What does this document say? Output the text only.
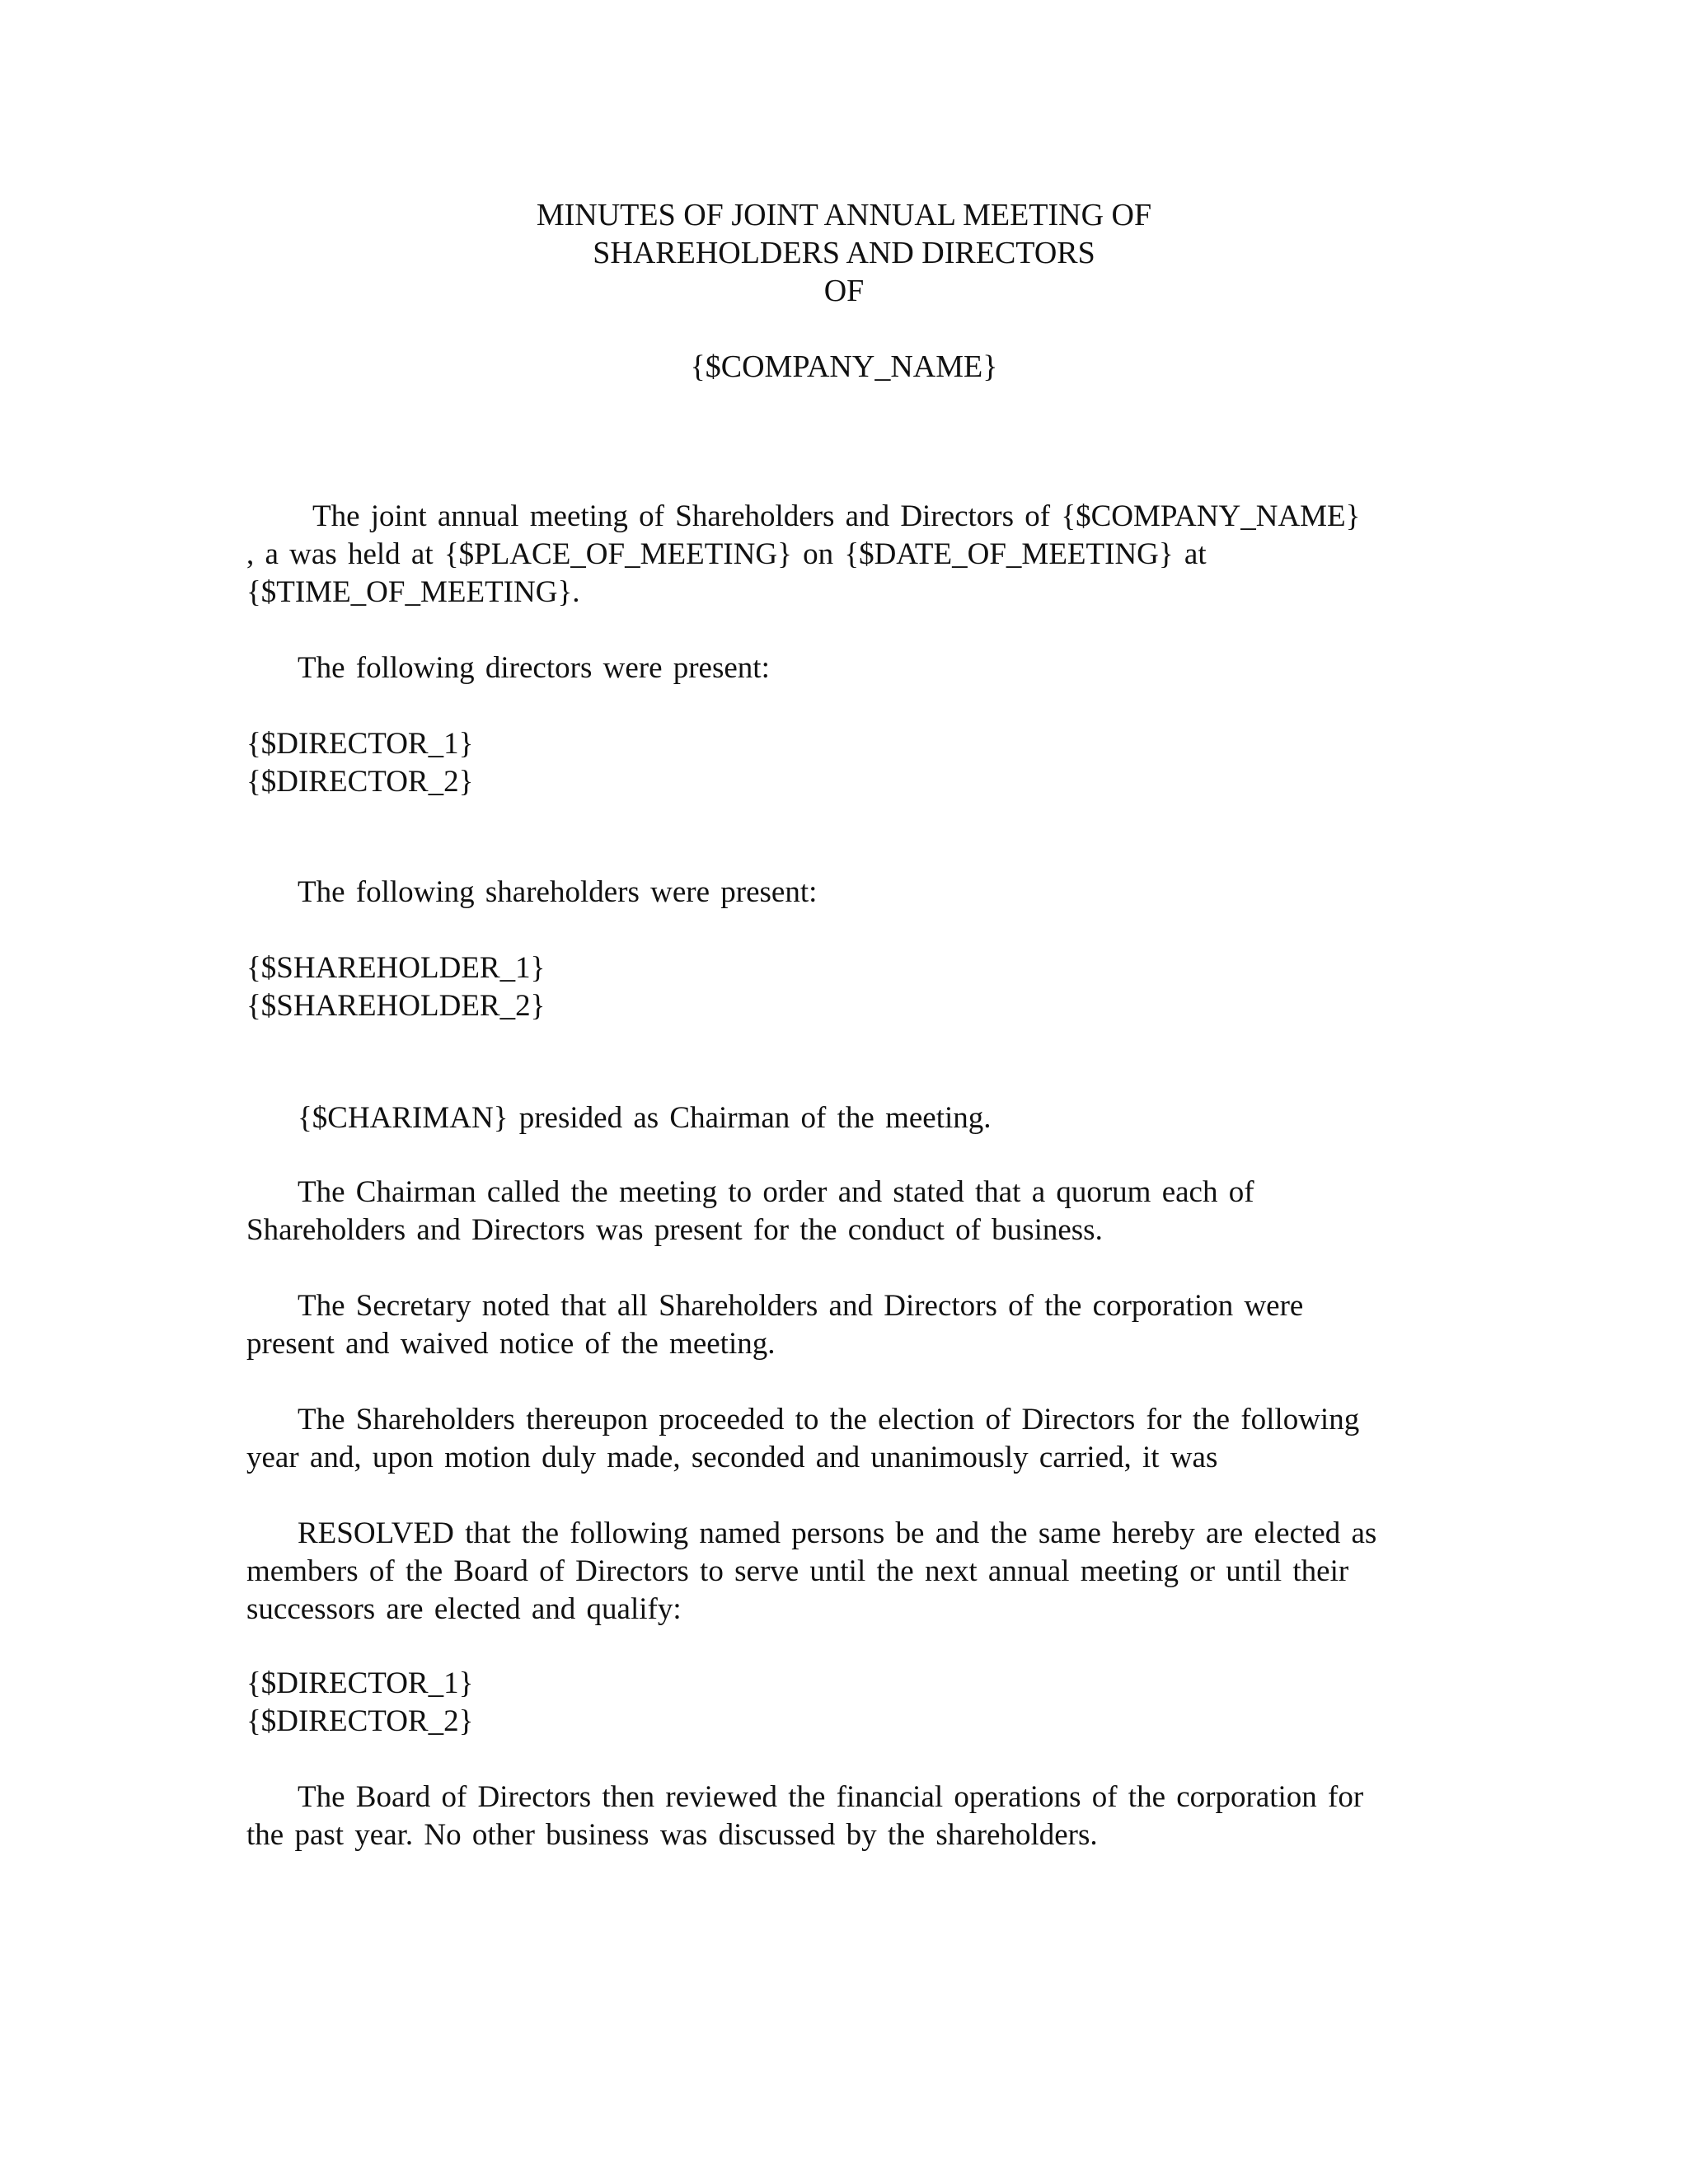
MINUTES OF JOINT ANNUAL MEETING OF
SHAREHOLDERS AND DIRECTORS
OF
{$COMPANY_NAME}
The joint annual meeting of Shareholders and Directors of {$COMPANY_NAME}
, a was held at {$PLACE_OF_MEETING} on {$DATE_OF_MEETING} at
{$TIME_OF_MEETING}.
The following directors were present:
{$DIRECTOR_1}
{$DIRECTOR_2}
The following shareholders were present:
{$SHAREHOLDER_1}
{$SHAREHOLDER_2}
{$CHARIMAN} presided as Chairman of the meeting.
The Chairman called the meeting to order and stated that a quorum each of
Shareholders and Directors was present for the conduct of business.
The Secretary noted that all Shareholders and Directors of the corporation were
present and waived notice of the meeting.
The Shareholders thereupon proceeded to the election of Directors for the following
year and, upon motion duly made, seconded and unanimously carried, it was
RESOLVED that the following named persons be and the same hereby are elected as
members of the Board of Directors to serve until the next annual meeting or until their
successors are elected and qualify:
{$DIRECTOR_1}
{$DIRECTOR_2}
The Board of Directors then reviewed the financial operations of the corporation for
the past year. No other business was discussed by the shareholders.
